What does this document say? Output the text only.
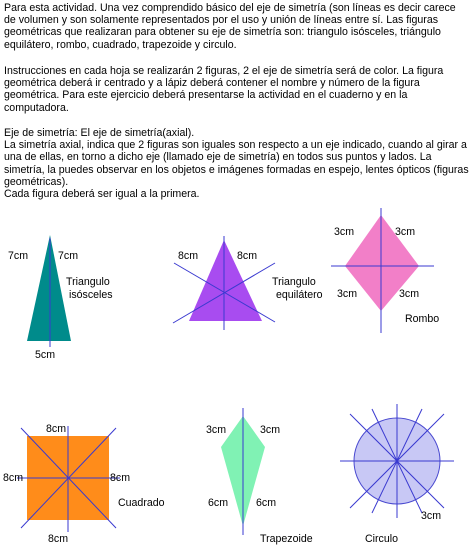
Para esta actividad. Una vez comprendido básico del eje de simetría (son líneas es decir carece de volumen y son solamente representados por el uso y unión de líneas entre sí. Las figuras geométricas que realizaran para obtener su eje de simetría son: triangulo isósceles, triángulo equilátero, rombo, cuadrado, trapezoide y circulo.

Instrucciones en cada hoja se realizarán 2 figuras, 2 el eje de simetría será de color. La figura geométrica deberá ir centrado y a lápiz deberá contener el nombre y número de la figura geométrica. Para este ejercicio deberá presentarse la actividad en el cuaderno y en la computadora.

Eje de simetría: El eje de simetría(axial).
La simetría axial, indica que 2 figuras son iguales son respecto a un eje indicado, cuando al girar a una de ellas, en torno a dicho eje (llamado eje de simetría) en todos sus puntos y lados. La simetría, la puedes observar en los objetos e imágenes formadas en espejo, lentes ópticos (figuras geométricas).
Cada figura deberá ser igual a la primera.

7cm	7cm
5cm
Triangulo
isósceles
8cm	8cm
Triangulo
equilátero
3cm	3cm
3cm	3cm
Rombo
8cm
8cm	8cm
8cm
Cuadrado
3cm	3cm
6cm	6cm
Trapezoide
3cm
Circulo
